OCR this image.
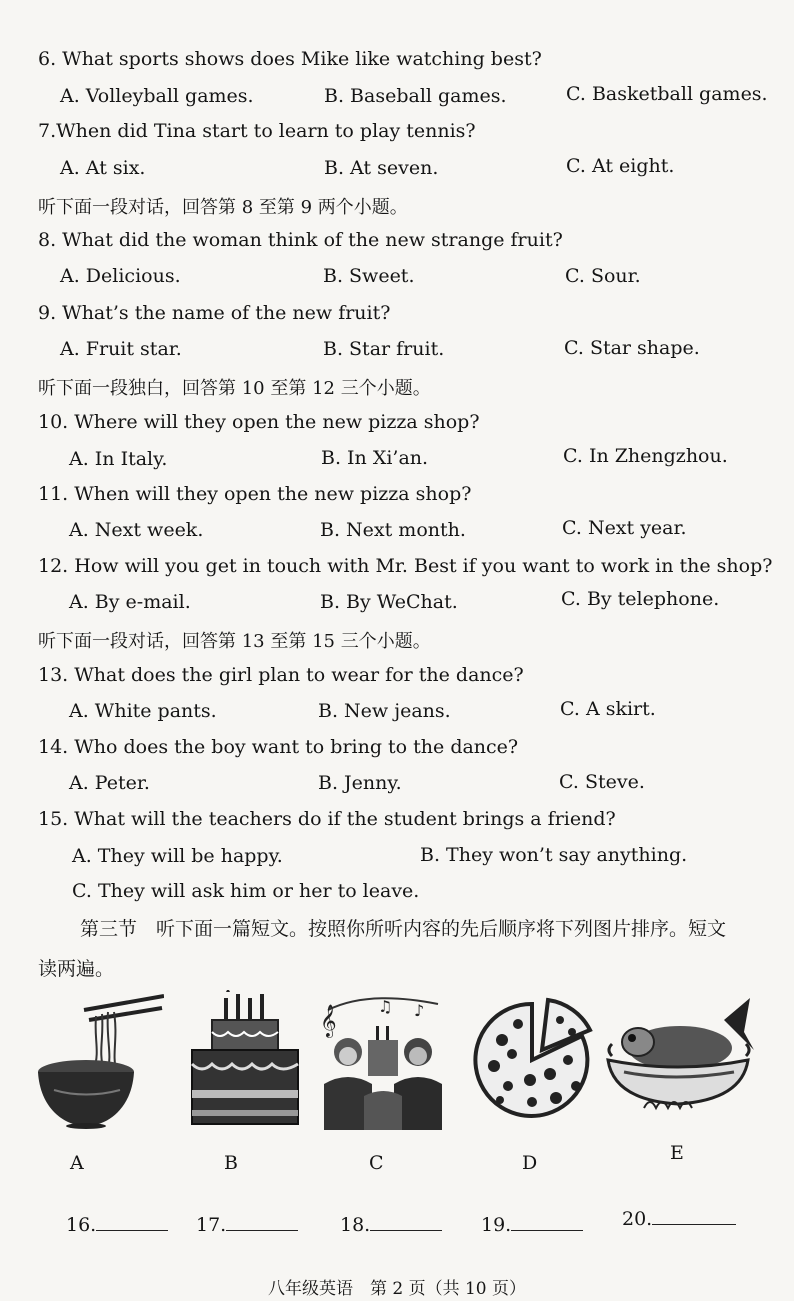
6. What sports shows does Mike like watching best?
A. Volleyball games.	B. Baseball games.	C. Basketball games.
7.When did Tina start to learn to play tennis?
A. At six.	B. At seven.	C. At eight.
听下面一段对话，回答第 8 至第 9 两个小题。
8. What did the woman think of the new strange fruit?
A. Delicious.	B. Sweet.	C. Sour.
9. What’s the name of the new fruit?
A. Fruit star.	B. Star fruit.	C. Star shape.
听下面一段独白，回答第 10 至第 12 三个小题。
10. Where will they open the new pizza shop?
A. In Italy.	B. In Xi’an.	C. In Zhengzhou.
11. When will they open the new pizza shop?
A. Next week.	B. Next month.	C. Next year.
12. How will you get in touch with Mr. Best if you want to work in the shop?
A. By e-mail.	B. By WeChat.	C. By telephone.
听下面一段对话，回答第 13 至第 15 三个小题。
13. What does the girl plan to wear for the dance?
A. White pants.	B. New jeans.	C. A skirt.
14. Who does the boy want to bring to the dance?
A. Peter.	B. Jenny.	C. Steve.
15. What will the teachers do if the student brings a friend?
A. They will be happy.	B. They won’t say anything.
C. They will ask him or her to leave.
第三节　听下面一篇短文。按照你所听内容的先后顺序将下列图片排序。短文
读两遍。
𝄞	♫ ♪
A	B	C	D	E
16.	17.	18.	19.	20.
八年级英语　第 2 页（共 10 页）
